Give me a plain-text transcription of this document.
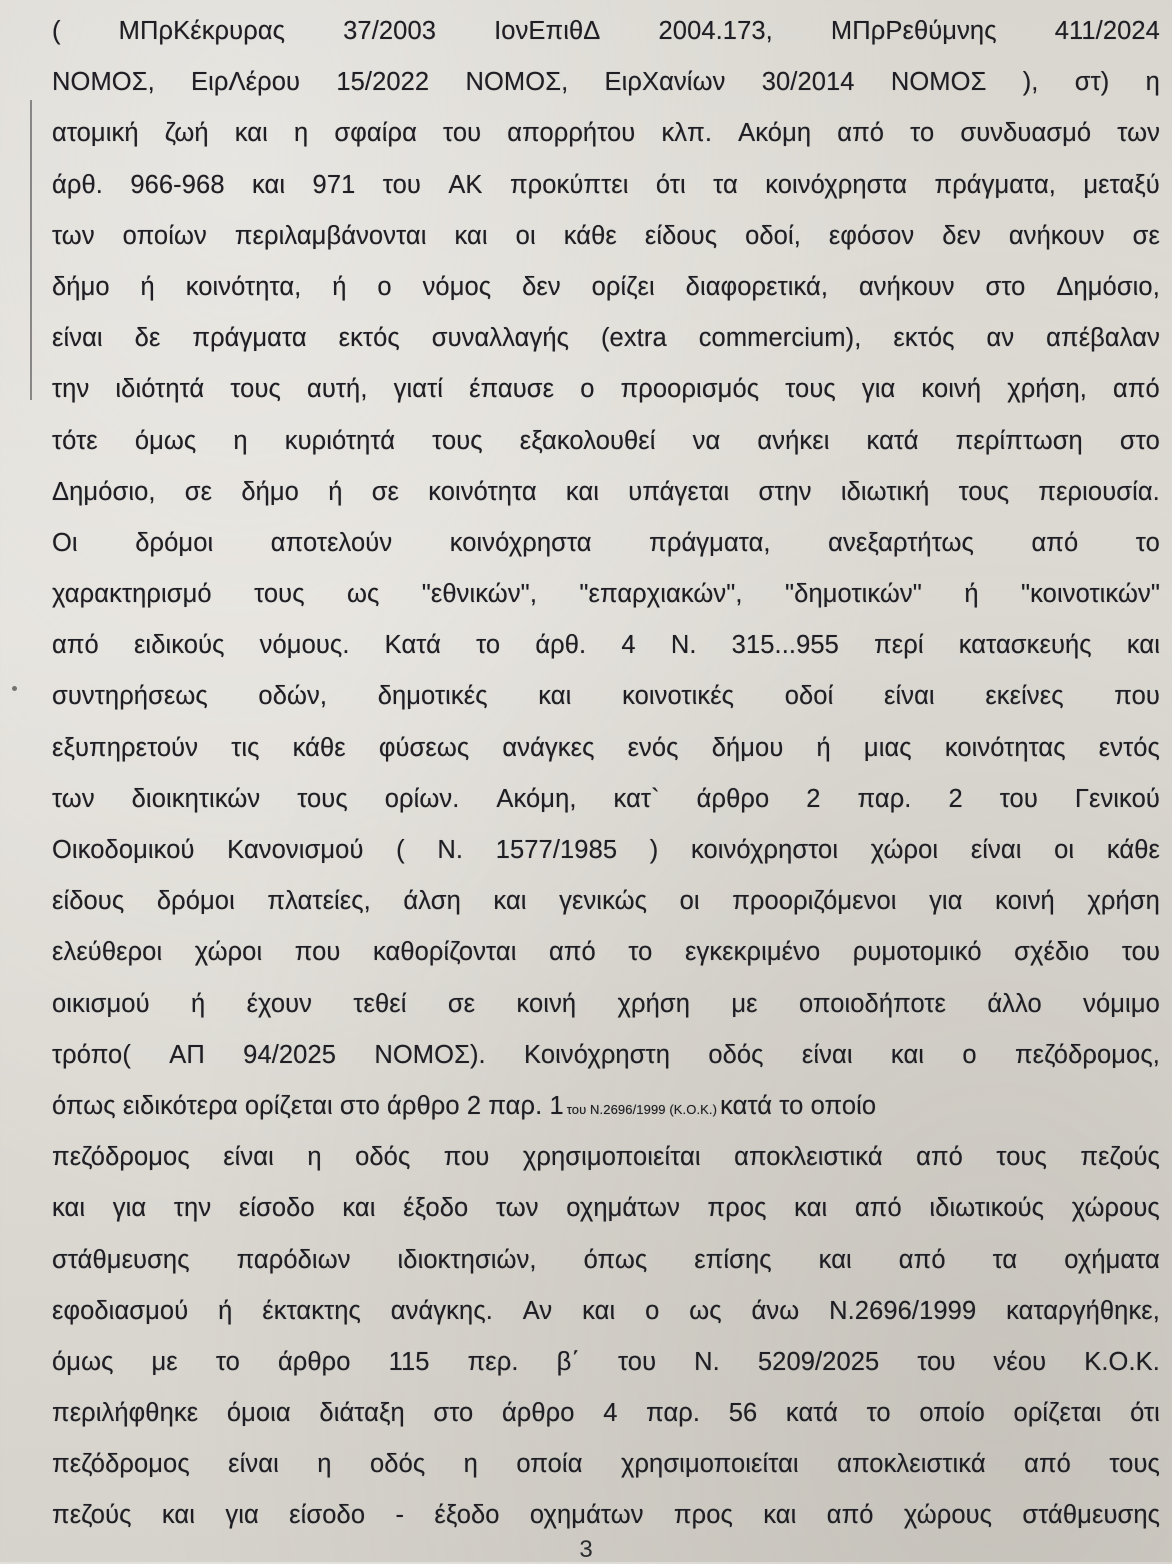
( ΜΠρΚέκρυρας 37/2003 ΙονΕπιθΔ 2004.173, ΜΠρΡεθύμνης 411/2024
ΝΟΜΟΣ, ΕιρΛέρου 15/2022 ΝΟΜΟΣ, ΕιρΧανίων 30/2014 ΝΟΜΟΣ ), στ) η
ατομική ζωή και η σφαίρα του απορρήτου κλπ. Ακόμη από το συνδυασμό των
άρθ. 966-968 και 971 του ΑΚ προκύπτει ότι τα κοινόχρηστα πράγματα, μεταξύ
των οποίων περιλαμβάνονται και οι κάθε είδους οδοί, εφόσον δεν ανήκουν σε
δήμο ή κοινότητα, ή ο νόμος δεν ορίζει διαφορετικά, ανήκουν στο Δημόσιο,
είναι δε πράγματα εκτός συναλλαγής (extra commercium), εκτός αν απέβαλαν
την ιδιότητά τους αυτή, γιατί έπαυσε ο προορισμός τους για κοινή χρήση, από
τότε όμως η κυριότητά τους εξακολουθεί να ανήκει κατά περίπτωση στο
Δημόσιο, σε δήμο ή σε κοινότητα και υπάγεται στην ιδιωτική τους περιουσία.
Οι δρόμοι αποτελούν κοινόχρηστα πράγματα, ανεξαρτήτως από το
χαρακτηρισμό τους ως "εθνικών", "επαρχιακών", "δημοτικών" ή "κοινοτικών"
από ειδικούς νόμους. Κατά το άρθ. 4 Ν. 315...955 περί κατασκευής και
συντηρήσεως οδών, δημοτικές και κοινοτικές οδοί είναι εκείνες που
εξυπηρετούν τις κάθε φύσεως ανάγκες ενός δήμου ή μιας κοινότητας εντός
των διοικητικών τους ορίων. Ακόμη, κατ` άρθρο 2 παρ. 2 του Γενικού
Οικοδομικού Κανονισμού ( Ν. 1577/1985 ) κοινόχρηστοι χώροι είναι οι κάθε
είδους δρόμοι πλατείες, άλση και γενικώς οι προοριζόμενοι για κοινή χρήση
ελεύθεροι χώροι που καθορίζονται από το εγκεκριμένο ρυμοτομικό σχέδιο του
οικισμού ή έχουν τεθεί σε κοινή χρήση με οποιοδήποτε άλλο νόμιμο
τρόπο( ΑΠ 94/2025 ΝΟΜΟΣ). Κοινόχρηστη οδός είναι και ο πεζόδρομος,
όπως ειδικότερα ορίζεται στο άρθρο 2 παρ. 1 του Ν.2696/1999 (Κ.Ο.Κ.) κατά το οποίο
πεζόδρομος είναι η οδός που χρησιμοποιείται αποκλειστικά από τους πεζούς
και για την είσοδο και έξοδο των οχημάτων προς και από ιδιωτικούς χώρους
στάθμευσης παρόδιων ιδιοκτησιών, όπως επίσης και από τα οχήματα
εφοδιασμού ή έκτακτης ανάγκης. Αν και ο ως άνω Ν.2696/1999 καταργήθηκε,
όμως με το άρθρο 115 περ. β΄ του Ν. 5209/2025 του νέου Κ.Ο.Κ.
περιλήφθηκε όμοια διάταξη στο άρθρο 4 παρ. 56 κατά το οποίο ορίζεται ότι
πεζόδρομος είναι η οδός η οποία χρησιμοποιείται αποκλειστικά από τους
πεζούς και για είσοδο - έξοδο οχημάτων προς και από χώρους στάθμευσης
3
